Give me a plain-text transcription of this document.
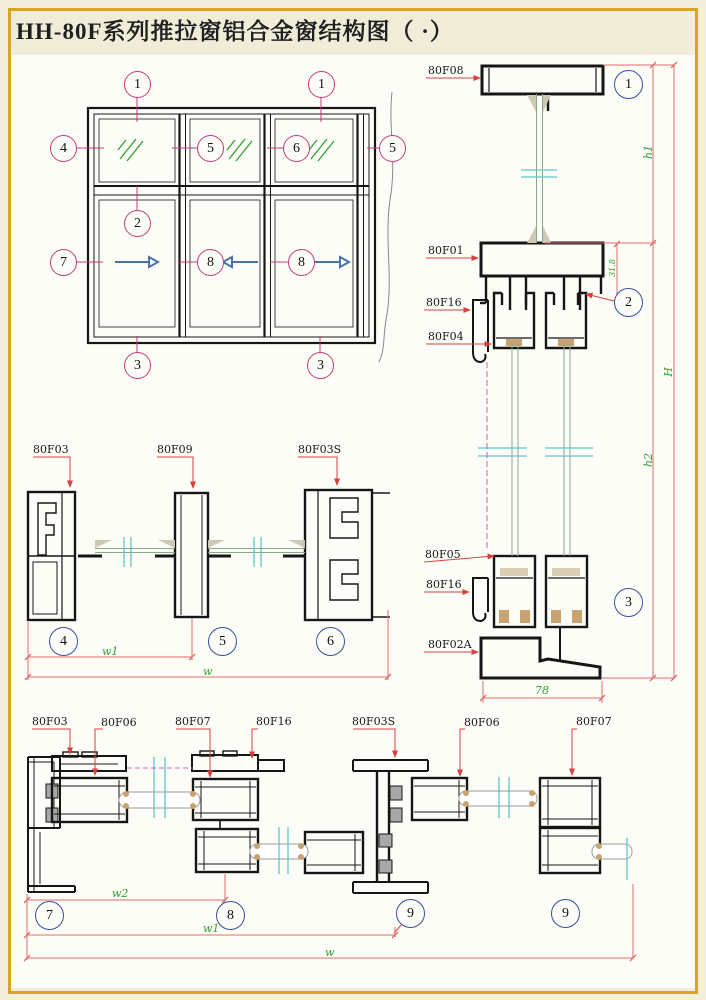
HH-80F系列推拉窗铝合金窗结构图（ ·）
1	1
4	5	6	5
2
7	8	8
3	3
80F08
80F01
80F16
80F04
80F05
80F16
80F02A
1
2
3
h1
H
31.8
h2
78
80F03	80F09	80F03S
4	5	6
w1
w
80F03	80F06	80F07	80F16	80F03S	80F06	80F07
7	8	9	9
w2
w1
w
